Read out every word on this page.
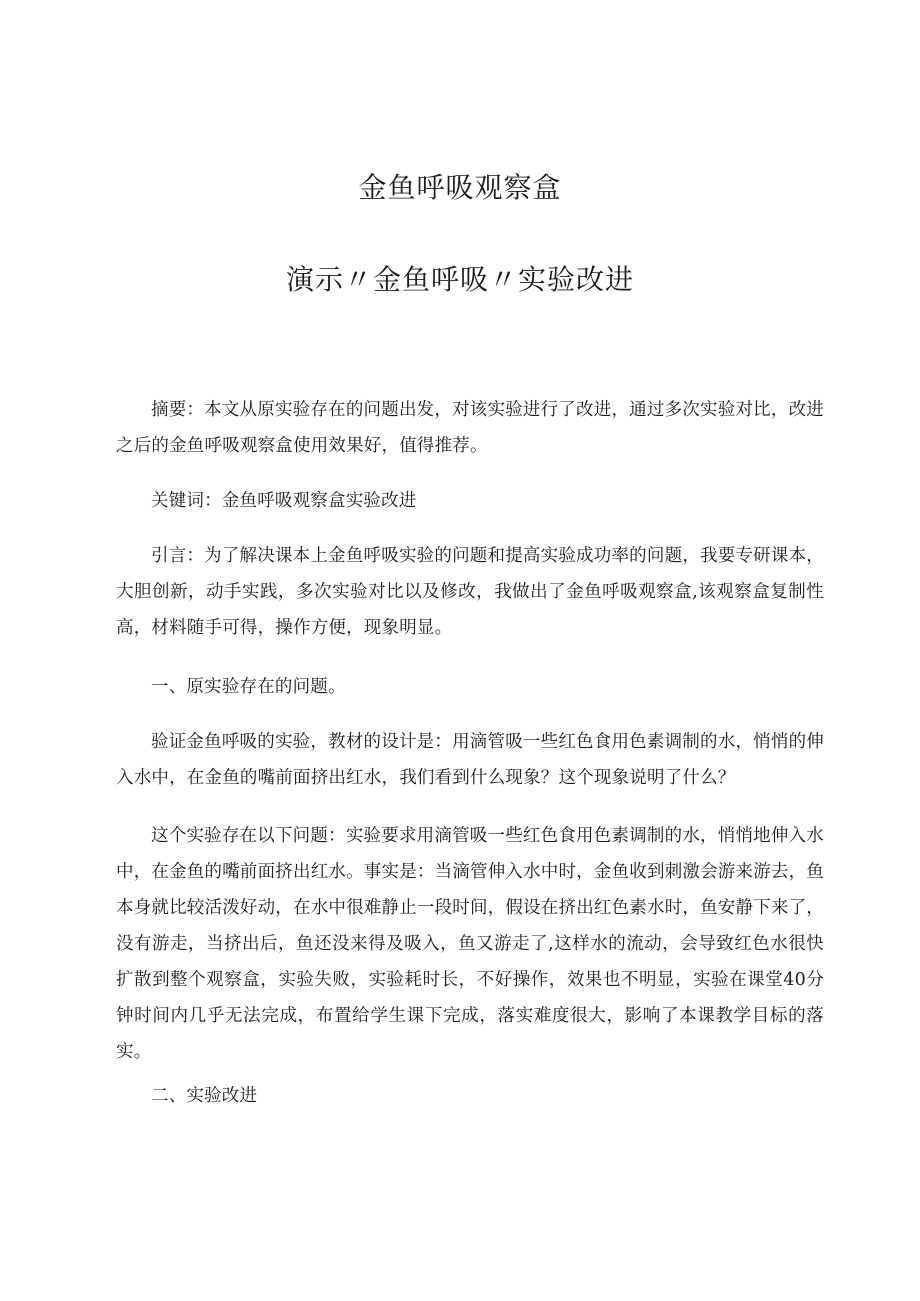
金鱼呼吸观察盒
演示〃金鱼呼吸〃实验改进

摘要：本文从原实验存在的问题出发，对该实验进行了改进，通过多次实验对比，改进之后的金鱼呼吸观察盒使用效果好，值得推荐。

关键词：金鱼呼吸观察盒实验改进

引言：为了解决课本上金鱼呼吸实验的问题和提高实验成功率的问题，我要专研课本，大胆创新，动手实践，多次实验对比以及修改，我做出了金鱼呼吸观察盒,该观察盒复制性高，材料随手可得，操作方便，现象明显。

一、原实验存在的问题。

验证金鱼呼吸的实验，教材的设计是：用滴管吸一些红色食用色素调制的水，悄悄的伸入水中，在金鱼的嘴前面挤出红水，我们看到什么现象？这个现象说明了什么？

这个实验存在以下问题：实验要求用滴管吸一些红色食用色素调制的水，悄悄地伸入水中，在金鱼的嘴前面挤出红水。事实是：当滴管伸入水中时，金鱼收到刺激会游来游去，鱼本身就比较活泼好动，在水中很难静止一段时间，假设在挤出红色素水时，鱼安静下来了，没有游走，当挤出后，鱼还没来得及吸入，鱼又游走了,这样水的流动，会导致红色水很快扩散到整个观察盒，实验失败，实验耗时长，不好操作，效果也不明显，实验在课堂40分钟时间内几乎无法完成，布置给学生课下完成，落实难度很大，影响了本课教学目标的落实。

二、实验改进
